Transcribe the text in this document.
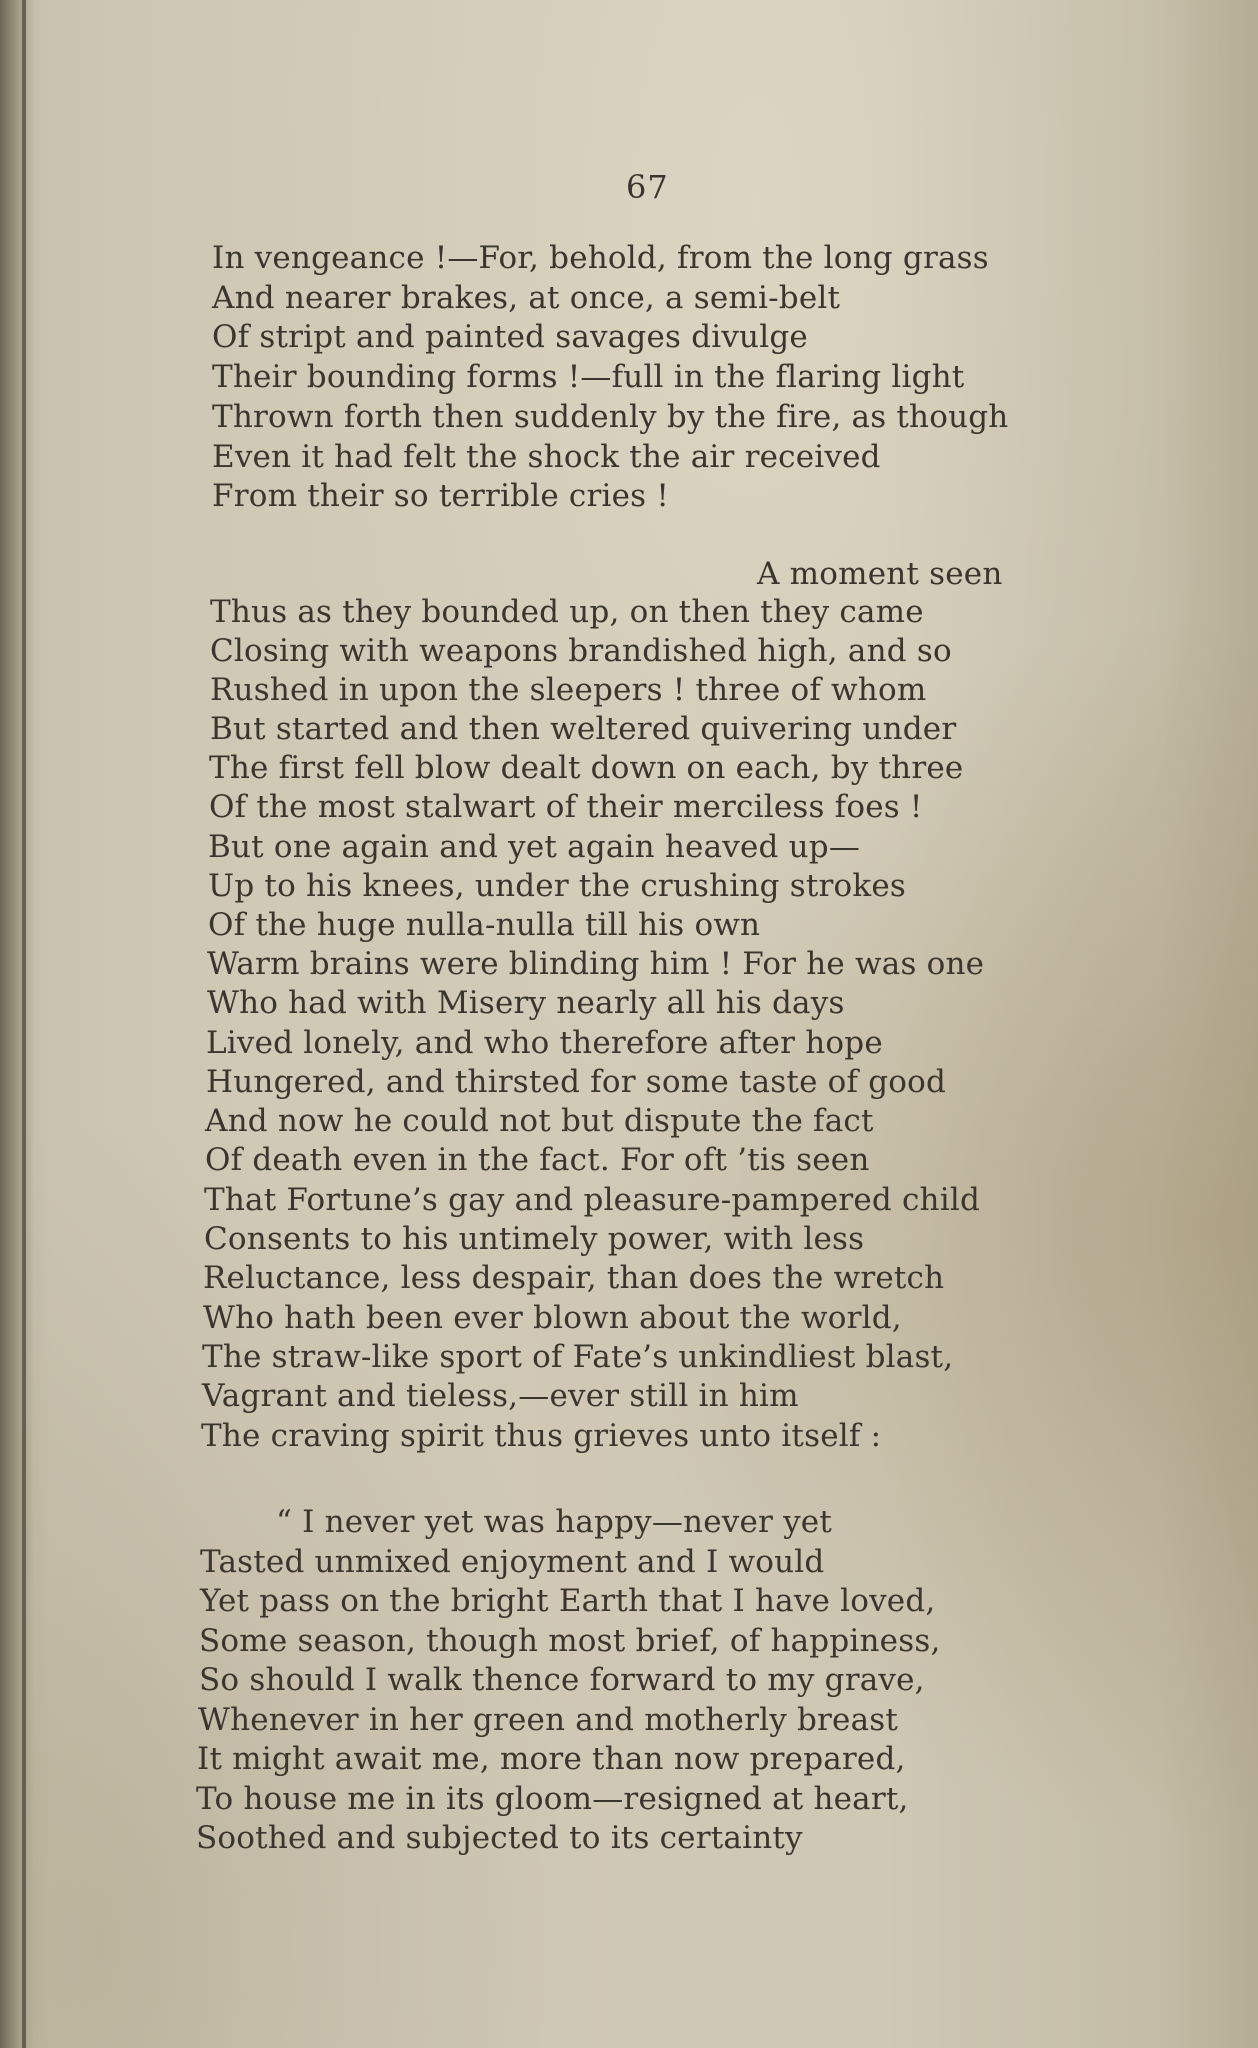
67
In vengeance !—For, behold, from the long grass
And nearer brakes, at once, a semi-belt
Of stript and painted savages divulge
Their bounding forms !—full in the flaring light
Thrown forth then suddenly by the fire, as though
Even it had felt the shock the air received
From their so terrible cries !
A moment seen
Thus as they bounded up, on then they came
Closing with weapons brandished high, and so
Rushed in upon the sleepers ! three of whom
But started and then weltered quivering under
The first fell blow dealt down on each, by three
Of the most stalwart of their merciless foes !
But one again and yet again heaved up—
Up to his knees, under the crushing strokes
Of the huge nulla-nulla till his own
Warm brains were blinding him ! For he was one
Who had with Misery nearly all his days
Lived lonely, and who therefore after hope
Hungered, and thirsted for some taste of good
And now he could not but dispute the fact
Of death even in the fact. For oft ’tis seen
That Fortune’s gay and pleasure-pampered child
Consents to his untimely power, with less
Reluctance, less despair, than does the wretch
Who hath been ever blown about the world,
The straw-like sport of Fate’s unkindliest blast,
Vagrant and tieless,—ever still in him
The craving spirit thus grieves unto itself :
“ I never yet was happy—never yet
Tasted unmixed enjoyment and I would
Yet pass on the bright Earth that I have loved,
Some season, though most brief, of happiness,
So should I walk thence forward to my grave,
Whenever in her green and motherly breast
It might await me, more than now prepared,
To house me in its gloom—resigned at heart,
Soothed and subjected to its certainty
